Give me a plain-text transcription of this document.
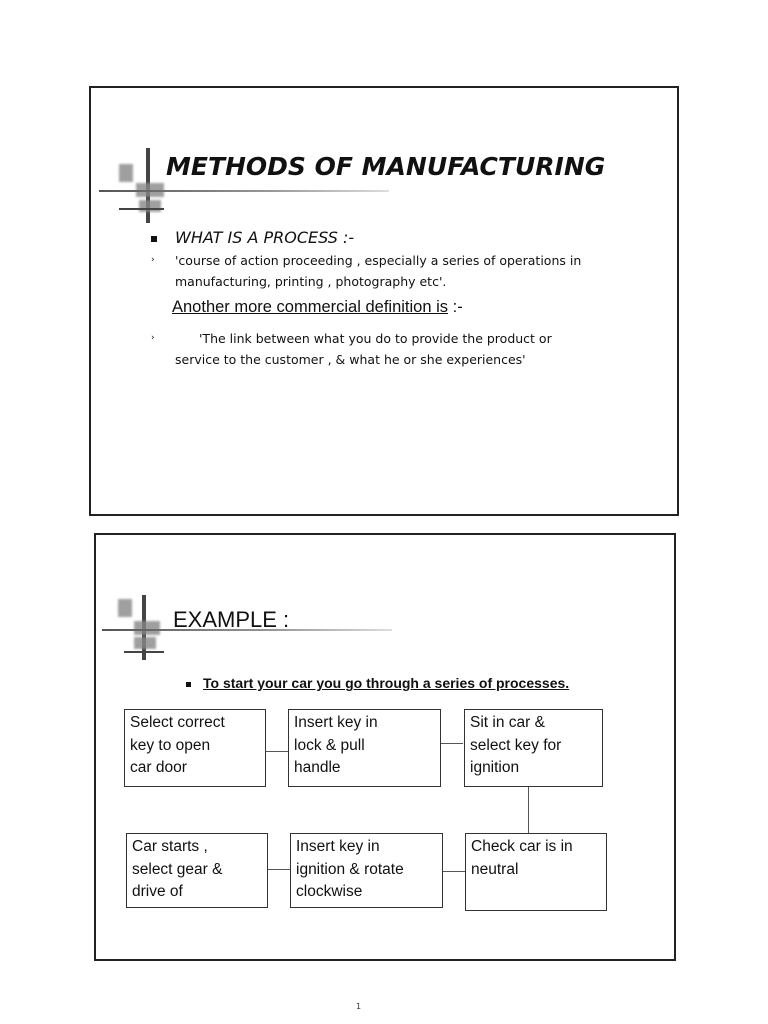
METHODS OF MANUFACTURING
WHAT IS A PROCESS :-
› 'course of action proceeding , especially a series of operations in
manufacturing, printing , photography etc'.
Another more commercial definition is :-
›	'The link between what you do to provide the product or
service to the customer , & what he or she experiences'
EXAMPLE :
To start your car you go through a series of processes.
Select correct
key to open
car door
Insert key in
lock & pull
handle
Sit in car &
select key for
ignition
Car starts ,
select gear &
drive of
Insert key in
ignition & rotate
clockwise
Check car is in
neutral
1
